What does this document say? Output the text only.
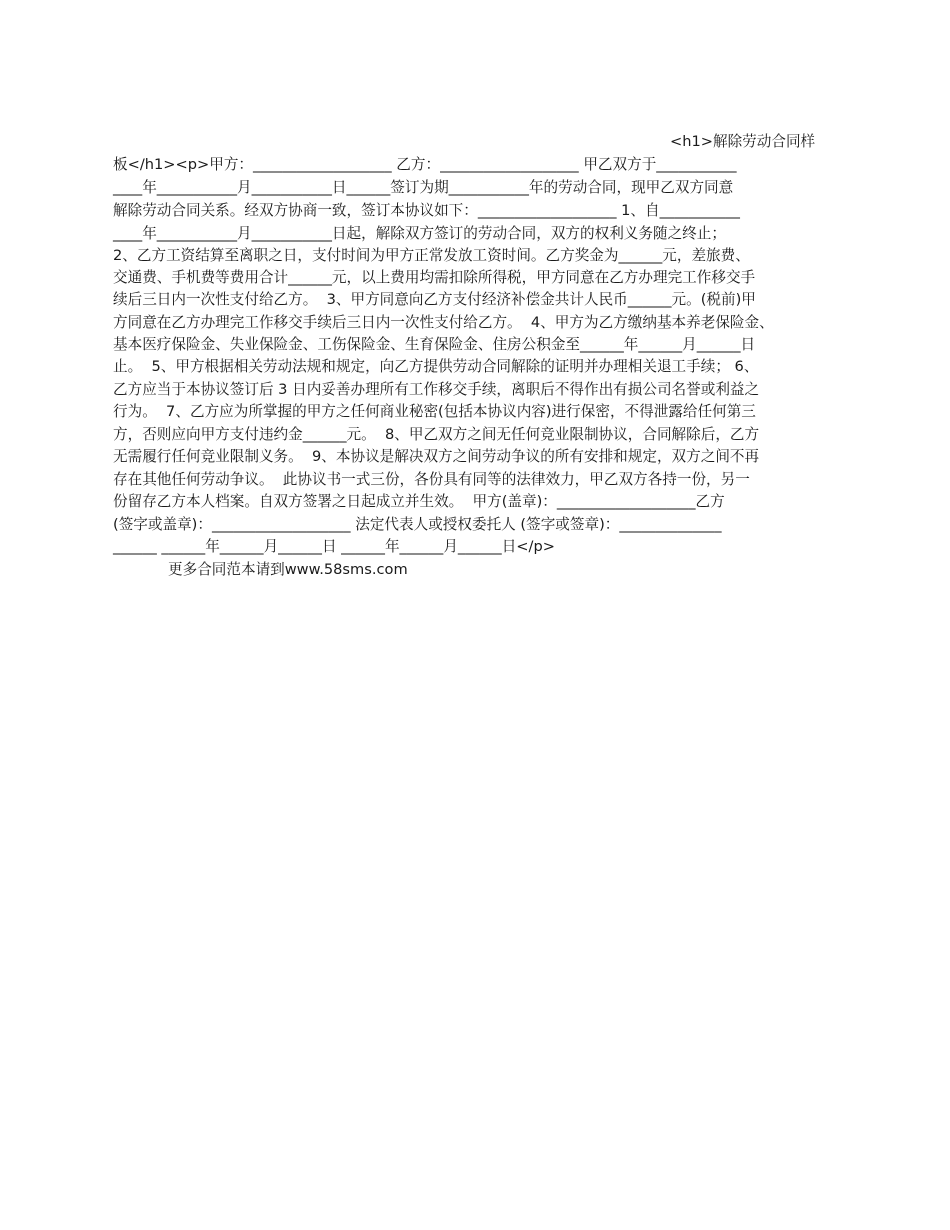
<h1>解除劳动合同样
板</h1><p>甲方：___________________ 乙方：___________________ 甲乙双方于___________
____年___________月___________日______签订为期___________年的劳动合同，现甲乙双方同意
解除劳动合同关系。经双方协商一致，签订本协议如下：___________________ 1、自___________
____年___________月___________日起，解除双方签订的劳动合同，双方的权利义务随之终止；
2、乙方工资结算至离职之日，支付时间为甲方正常发放工资时间。乙方奖金为______元，差旅费、
交通费、手机费等费用合计______元，以上费用均需扣除所得税，甲方同意在乙方办理完工作移交手
续后三日内一次性支付给乙方。  3、甲方同意向乙方支付经济补偿金共计人民币______元。(税前)甲
方同意在乙方办理完工作移交手续后三日内一次性支付给乙方。  4、甲方为乙方缴纳基本养老保险金、
基本医疗保险金、失业保险金、工伤保险金、生育保险金、住房公积金至______年______月______日
止。  5、甲方根据相关劳动法规和规定，向乙方提供劳动合同解除的证明并办理相关退工手续； 6、
乙方应当于本协议签订后 3 日内妥善办理所有工作移交手续，离职后不得作出有损公司名誉或利益之
行为。  7、乙方应为所掌握的甲方之任何商业秘密(包括本协议内容)进行保密，不得泄露给任何第三
方，否则应向甲方支付违约金______元。  8、甲乙双方之间无任何竞业限制协议，合同解除后，乙方
无需履行任何竞业限制义务。  9、本协议是解决双方之间劳动争议的所有安排和规定，双方之间不再
存在其他任何劳动争议。  此协议书一式三份，各份具有同等的法律效力，甲乙双方各持一份，另一
份留存乙方本人档案。自双方签署之日起成立并生效。  甲方(盖章)：___________________乙方
(签字或盖章)：___________________ 法定代表人或授权委托人 (签字或签章)：______________
______ ______年______月______日 ______年______月______日</p>
更多合同范本请到www.58sms.com
